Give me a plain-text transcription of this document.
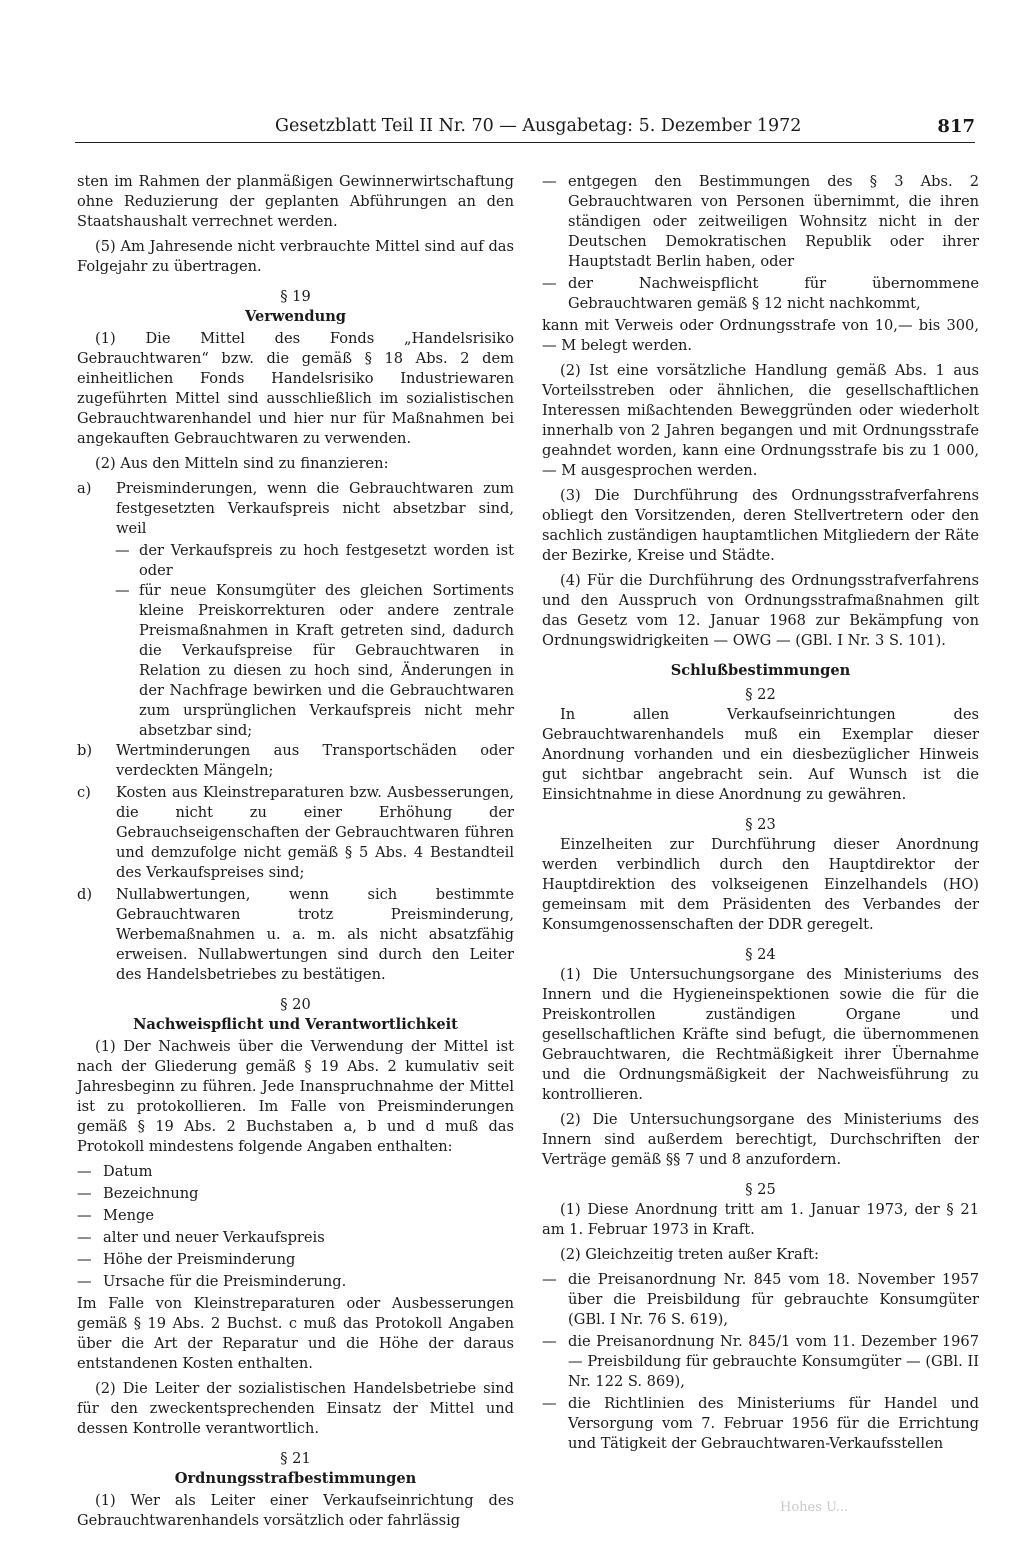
Gesetzblatt Teil II Nr. 70 — Ausgabetag: 5. Dezember 1972	817

sten im Rahmen der planmäßigen Gewinnerwirtschaftung ohne Reduzierung der geplanten Abführungen an den Staatshaushalt verrechnet werden.

(5) Am Jahresende nicht verbrauchte Mittel sind auf das Folgejahr zu übertragen.

§ 19

Verwendung

(1) Die Mittel des Fonds „Handelsrisiko Gebrauchtwaren“ bzw. die gemäß § 18 Abs. 2 dem einheitlichen Fonds Handelsrisiko Industriewaren zugeführten Mittel sind ausschließlich im sozialistischen Gebrauchtwarenhandel und hier nur für Maßnahmen bei angekauften Gebrauchtwaren zu verwenden.

(2) Aus den Mitteln sind zu finanzieren:

a) Preisminderungen, wenn die Gebrauchtwaren zum festgesetzten Verkaufspreis nicht absetzbar sind, weil
— der Verkaufspreis zu hoch festgesetzt worden ist oder
— für neue Konsumgüter des gleichen Sortiments kleine Preiskorrekturen oder andere zentrale Preismaßnahmen in Kraft getreten sind, dadurch die Verkaufspreise für Gebrauchtwaren in Relation zu diesen zu hoch sind, Änderungen in der Nachfrage bewirken und die Gebrauchtwaren zum ursprünglichen Verkaufspreis nicht mehr absetzbar sind;
b) Wertminderungen aus Transportschäden oder verdeckten Mängeln;
c) Kosten aus Kleinstreparaturen bzw. Ausbesserungen, die nicht zu einer Erhöhung der Gebrauchseigenschaften der Gebrauchtwaren führen und demzufolge nicht gemäß § 5 Abs. 4 Bestandteil des Verkaufspreises sind;
d) Nullabwertungen, wenn sich bestimmte Gebrauchtwaren trotz Preisminderung, Werbemaßnahmen u. a. m. als nicht absatzfähig erweisen. Nullabwertungen sind durch den Leiter des Handelsbetriebes zu bestätigen.

§ 20

Nachweispflicht und Verantwortlichkeit

(1) Der Nachweis über die Verwendung der Mittel ist nach der Gliederung gemäß § 19 Abs. 2 kumulativ seit Jahresbeginn zu führen. Jede Inanspruchnahme der Mittel ist zu protokollieren. Im Falle von Preisminderungen gemäß § 19 Abs. 2 Buchstaben a, b und d muß das Protokoll mindestens folgende Angaben enthalten:

— Datum
— Bezeichnung
— Menge
— alter und neuer Verkaufspreis
— Höhe der Preisminderung
— Ursache für die Preisminderung.

Im Falle von Kleinstreparaturen oder Ausbesserungen gemäß § 19 Abs. 2 Buchst. c muß das Protokoll Angaben über die Art der Reparatur und die Höhe der daraus entstandenen Kosten enthalten.

(2) Die Leiter der sozialistischen Handelsbetriebe sind für den zweckentsprechenden Einsatz der Mittel und dessen Kontrolle verantwortlich.

§ 21

Ordnungsstrafbestimmungen

(1) Wer als Leiter einer Verkaufseinrichtung des Gebrauchtwarenhandels vorsätzlich oder fahrlässig

— entgegen den Bestimmungen des § 3 Abs. 2 Gebrauchtwaren von Personen übernimmt, die ihren ständigen oder zeitweiligen Wohnsitz nicht in der Deutschen Demokratischen Republik oder ihrer Hauptstadt Berlin haben, oder
— der Nachweispflicht für übernommene Gebrauchtwaren gemäß § 12 nicht nachkommt,

kann mit Verweis oder Ordnungsstrafe von 10,— bis 300,— M belegt werden.

(2) Ist eine vorsätzliche Handlung gemäß Abs. 1 aus Vorteilsstreben oder ähnlichen, die gesellschaftlichen Interessen mißachtenden Beweggründen oder wiederholt innerhalb von 2 Jahren begangen und mit Ordnungsstrafe geahndet worden, kann eine Ordnungsstrafe bis zu 1 000,— M ausgesprochen werden.

(3) Die Durchführung des Ordnungsstrafverfahrens obliegt den Vorsitzenden, deren Stellvertretern oder den sachlich zuständigen hauptamtlichen Mitgliedern der Räte der Bezirke, Kreise und Städte.

(4) Für die Durchführung des Ordnungsstrafverfahrens und den Ausspruch von Ordnungsstrafmaßnahmen gilt das Gesetz vom 12. Januar 1968 zur Bekämpfung von Ordnungswidrigkeiten — OWG — (GBl. I Nr. 3 S. 101).

Schlußbestimmungen

§ 22

In allen Verkaufseinrichtungen des Gebrauchtwarenhandels muß ein Exemplar dieser Anordnung vorhanden und ein diesbezüglicher Hinweis gut sichtbar angebracht sein. Auf Wunsch ist die Einsichtnahme in diese Anordnung zu gewähren.

§ 23

Einzelheiten zur Durchführung dieser Anordnung werden verbindlich durch den Hauptdirektor der Hauptdirektion des volkseigenen Einzelhandels (HO) gemeinsam mit dem Präsidenten des Verbandes der Konsumgenossenschaften der DDR geregelt.

§ 24

(1) Die Untersuchungsorgane des Ministeriums des Innern und die Hygieneinspektionen sowie die für die Preiskontrollen zuständigen Organe und gesellschaftlichen Kräfte sind befugt, die übernommenen Gebrauchtwaren, die Rechtmäßigkeit ihrer Übernahme und die Ordnungsmäßigkeit der Nachweisführung zu kontrollieren.

(2) Die Untersuchungsorgane des Ministeriums des Innern sind außerdem berechtigt, Durchschriften der Verträge gemäß §§ 7 und 8 anzufordern.

§ 25

(1) Diese Anordnung tritt am 1. Januar 1973, der § 21 am 1. Februar 1973 in Kraft.

(2) Gleichzeitig treten außer Kraft:

— die Preisanordnung Nr. 845 vom 18. November 1957 über die Preisbildung für gebrauchte Konsumgüter (GBl. I Nr. 76 S. 619),
— die Preisanordnung Nr. 845/1 vom 11. Dezember 1967 — Preisbildung für gebrauchte Konsumgüter — (GBl. II Nr. 122 S. 869),
— die Richtlinien des Ministeriums für Handel und Versorgung vom 7. Februar 1956 für die Errichtung und Tätigkeit der Gebrauchtwaren-Verkaufsstellen
Hohes U...
